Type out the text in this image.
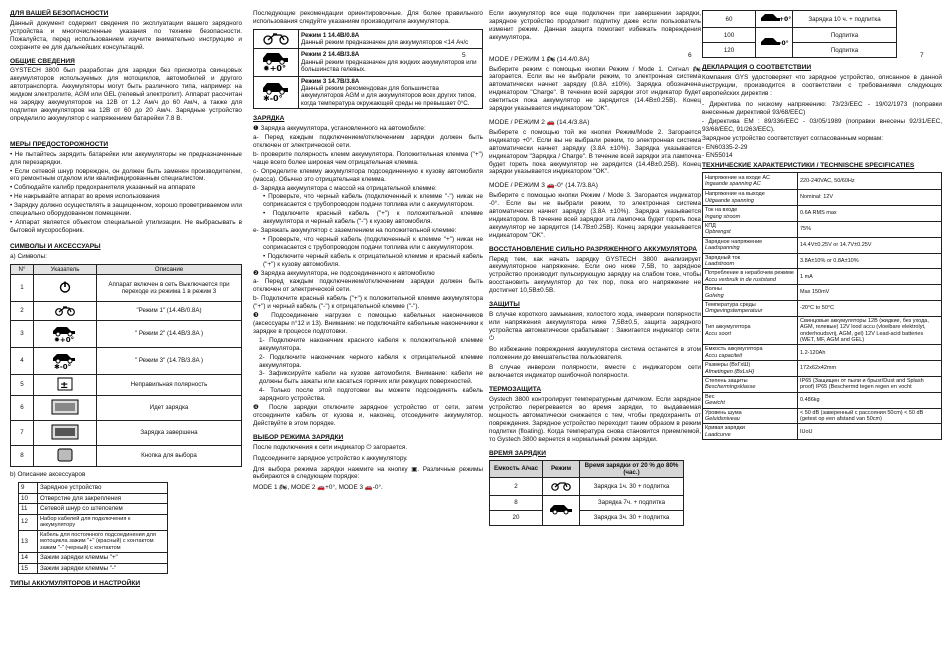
5	6	7
ДЛЯ ВАШЕЙ БЕЗОПАСНОСТИ

Данный документ содержит сведения по эксплуатации вашего зарядного устройства и многочисленные указания по технике безопасности. Пожалуйста, перед использованием изучите внимательно инструкцию и сохраните ее для дальнейших консультаций.

ОБЩИЕ СВЕДЕНИЯ

GYSTECH 3800 был разработан для зарядки без присмотра свинцовых аккумуляторов используемых для мотоциклов, автомобилей и другого автотранспорта. Аккумуляторы могут быть различного типа, например: на жидком электролите, AGM или GEL (гелевый электролит). Аппарат рассчитан на зарядку аккумуляторов на 12В от 1.2 Ам/ч до 60 Ам/ч, а также для подпитки аккумуляторов на 12В от 60 до 20 Ам/ч. Зарядные устройство определило аккумулятор с напряжением батарейки 7.8 В.

МЕРЫ ПРЕДОСТОРОЖНОСТИ

• Не пытайтесь зарядить батарейки или аккумуляторы не предназначенные для перезарядки.

• Если сетевой шнур поврежден, он должен быть заменен производителем, его ремонтным отделом или квалифицированным специалистом.

• Соблюдайте калибр предохранителя указанный на аппарате

• Не накрывайте аппарат во время использования

• Зарядку должно осуществлять в защищенном, хорошо проветриваемом или специально оборудованном помещении.

• Аппарат является объектом специальной утилизации. Не выбрасывать в бытовой мусоросборник.

СИМВОЛЫ И АКСЕССУАРЫ

a) Символы:

N°	Указатель	Описание
1		Аппарат включен в сеть Выключается при переходе из режима 1 в режим 3
2		"Режим 1" (14.4В/0.8A)
3	✹+0°	" Режим 2" (14.4В/3.8A )
4	✱-0°	" Режим 3" (14.7В/3.8A )
5	±	Неправильная полярность
6		Идет зарядка
7		Зарядка завершена
8		Кнопка для выбора

b) Описание аксессуаров

9	Зарядное устройство
10	Отверстие для закрепления
11	Сетевой шнур со штепселем
12	Набор кабелей для подключения к аккумулятору
13	Кабель для постоянного подсоединения для мотоцикла зажим "+" (красный) с контактом зажим "-" (черный) с контактом
14	Зажим зарядки клеммы "+"
15	Зажим зарядки клеммы "-"
ТИПЫ АККУМУЛЯТОРОВ И НАСТРОЙКИ

Последующие рекомендации ориентировочные. Для более правильного использования следуйте указаниям производителя аккумулятора.

	Режим 1 14.4В/0.8A
Данный режим предназначен для аккумуляторов <14 Ач/с

✹+0°	Режим 2 14.4В/3.8A
Данный режим предназначен для жидких аккумуляторов или большинства гелевых.

✱-0°	Режим 3 14.7В/3.8A
Данный режим рекомендован для большинства аккумуляторов AGM и для аккумуляторов всех других типов, когда температура окружающей среды не превышает 0°C.
ЗАРЯДКА

❶ Зарядка аккумулятора, установленного на автомобиле:

a- Перед каждым подключением/отключением зарядки должен быть отключен от электрической сети.

b- проверите полярность клемм аккумулятора. Положительная клемма ("+") чаще всего более широкая чем отрицательная клемма.

c- Определите клемму аккумулятора подсоединенную к кузову автомобиля (масса). Обычно это отрицательная клемма.

d- Зарядка аккумулятора с массой на отрицательной клемме:

• Проверьте, что черный кабель (подключенный к клемме "-") никак не соприкасается с трубопроводом подачи топлива или с аккумулятором.

• Подключите красный кабель ("+") к положительной клемме аккумулятора и черный кабель ("-") к кузову автомобиля.

e- Заряжать аккумулятор с заземлением на положительной клемме:

• Проверьте, что черный кабель (подключенный к клемме "+") никак не соприкасается с трубопроводом подачи топлива или с аккумулятором.

• Подключите черный кабель к отрицательной клемме и красный кабель ("+") к кузову автомобиля.

❷ Зарядка аккумулятора, не подсоединенного к автомобилю

a- Перед каждым подключением/отключением зарядки должен быть отключен от электрической сети.

b- Подключите красный кабель ("+") к положительной клемме аккумулятора ("+") и черный кабель ("-") к отрицательной клемме ("-").

❸ Подсоединение нагрузки с помощью кабельных наконечников (аксессуары n°12 и 13). Внимание: не подключайте кабельные наконечники к зарядке в процессе подготовки.

1- Подключите наконечник красного кабеля к положительной клемме аккумулятора.

2- Подключите наконечник черного кабеля к отрицательной клемме аккумулятора.

3- Зафиксируйте кабели на кузове автомобиля. Внимание: кабели не должны быть зажаты или касаться горячих или режущих поверхностей.

4- Только после этой подготовки вы можете подсоединять кабель зарядного устройства.

❹ После зарядки отключите зарядное устройство от сети, затем отсоедините кабель от кузова и, наконец, отсоедините аккумулятор. Действуйте в этом порядке.

ВЫБОР РЕЖИМА ЗАРЯДКИ

После подключения к сети индикатор ⏻ загорается.

Подсоедините зарядное устройство к аккумулятору.

Для выбора режима зарядки нажмите на кнопку ▣. Различные режимы выбираются в следующем порядке:

MODE 1 🏍, MODE 2 🚗+0°, MODE 3 🚗-0°.

Если аккумулятор все еще подключен при завершении зарядки, зарядное устройство продолжит подпитку даже если пользователь изменит режим. Данная защита помогает избежать повреждения аккумулятора.

MODE / РЕЖИМ 1 🏍 (14.4/0.8A)

Выберите режим с помощью кнопки Режим / Mode 1. Сигнал 🏍 загорается. Если вы не выбрали режим, то электронная система автоматически начнет зарядку (0.8A ±10%). Зарядка обозначена индикатором "Charge". В течении всей зарядки этот индикатор будет светиться пока аккумулятор не зарядится (14.4В±0.25В). Конец зарядки указывается индикатором "OK".

MODE / РЕЖИМ 2 🚗 (14.4/3.8A)

Выберете с помощью той же кнопки Режим/Mode 2. Загорается индикатор +0°. Если вы не выбрали режим, то электронная система автоматически начнет зарядку (3.8A ±10%). Зарядка указывается индикатором "Зарядка / Charge". В течение всей зарядки эта лампочка будет гореть пока аккумулятор не зарядится (14.4В±0.25В). Конец зарядки указывается индикатором "OK".

MODE / РЕЖИМ 3 🚗-0° (14.7/3.8A)

Выберите с помощью кнопки Режим / Mode 3. Загорается индикатор -0°. Если вы не выбрали режим, то электронная система автоматически начнет зарядку (3.8A ±10%). Зарядка указывается индикатором. В течение всей зарядки эта лампочка будет гореть пока аккумулятор не зарядится (14.7В±0.25В). Конец зарядки указывается индикатором "OK".

ВОССТАНОВЛЕНИЕ СИЛЬНО РАЗРЯЖЕННОГО АККУМУЛЯТОРА

Перед тем, как начать зарядку GYSTECH 3800 анализирует аккумуляторное напряжение. Если оно ниже 7,5В, то зарядное устройство производит пульсирующую зарядку на слабом токе, чтобы восстановить аккумулятор до тех пор, пока его напряжение не достигнет 10,5В±0.5В.

ЗАЩИТЫ

В случае короткого замыкания, холостого хода, инверсии полярности или напряжения аккумулятора ниже 7,5В±0.5, защита зарядного устройства автоматически срабатывает : Зажигается индикатор сети. ⏻

Во избежание повреждения аккумулятора система останется в этом положении до вмешательства пользователя.

В случае инверсии полярности, вместе с индикатором сети включается индикатор ошибочной полярности.

ТЕРМОЗАЩИТА

Gystech 3800 контролирует температурным датчиком. Если зарядное устройство перегревается во время зарядки, то выдаваемая мощность автоматически снижается с тем, чтобы предохранить от повреждения. Зарядное устройство переходит таким образом в режим подпитки (floating). Когда температура снова становится приемлемой, то Gystech 3800 вернется в нормальный режим зарядки.

ВРЕМЯ ЗАРЯДКИ
Емкость А/час	Режим	Время зарядки от 20 % до 80% (час.)
2		Зарядка 1ч. 30 + подпитка
8		Зарядка 7ч. + подпитка
20		Зарядка 3ч. 30 + подпитка
60	+0°	Зарядка 10 ч. + подпитка
100	-0°	Подпитка
120		Подпитка
ДЕКЛАРАЦИЯ О СООТВЕТСТВИИ

Компания GYS удостоверяет что зарядное устройство, описанное в данной инструкции, производится в соответствии с требованиями следующих европейских директив :

- Директива по низкому напряжению: 73/23/EEC - 19/02/1973 (поправки внесенные директивой 93/68/EEC)

- Директива ЕМ : 89/336/EEC - 03/05/1989 (поправки внесены 92/31/EEC, 93/68/EEC, 91/263/EEC).

Зарядное устройство соответствует согласованным нормам:

- EN60335-2-29

- EN55014

ТЕХНИЧЕСКИЕ ХАРАКТЕРИСТИКИ / TECHNISCHE SPECIFICATIES
Напряжение на входе AC
Ingaande spanning AC	220-240VAC, 50/60Hz
Напряжение на выходе
Uitgaande spanning	Nominal: 12V
Ток на входе
Ingang stroom	0.6A RMS max
КПД
Opbrengst	75%
Зарядное напряжение
Laadspanning	14.4V±0.25V or 14.7V±0.25V
Зарядный ток
Laadstroom	3.8A±10% or 0.8A±10%
Потребление в нерабочем режиме
Accu verbruik in de ruststand	1 mA
Волны
Golving	Max 150mV
Температура среды
Omgevingstemperatuur	-20°C to 50°C
Тип аккумулятора
Accu soort	Свинцовые аккумуляторы 12В (жидкие, без ухода, AGM, гелевые) 12V lood accu (vloeibare elektrolyt, onderhoudsvrij, AGM, gel) 12V Lead-acid batteries (WET, MF, AGM and GEL)
Емкость аккумулятора
Accu capaciteit	1.2-120Ah
Размеры (ВхГхШ)
Afmetingen (BxLxH)	172x62x42mm
Степень защиты
Beschermingsklasse	IP65 (Защищен от пыли и брызг/Dust and Splash proof) IP65 (Beschermd tegen regen en vocht
Вес
Gewicht	0.486kg
Уровень шума
Geluidsniveau	< 50 dB (заверенный с рассояния 50cm) < 50 dB (getest op een afstand van 50cm)
Кривая зарядки
Laadcurve	IUoU
